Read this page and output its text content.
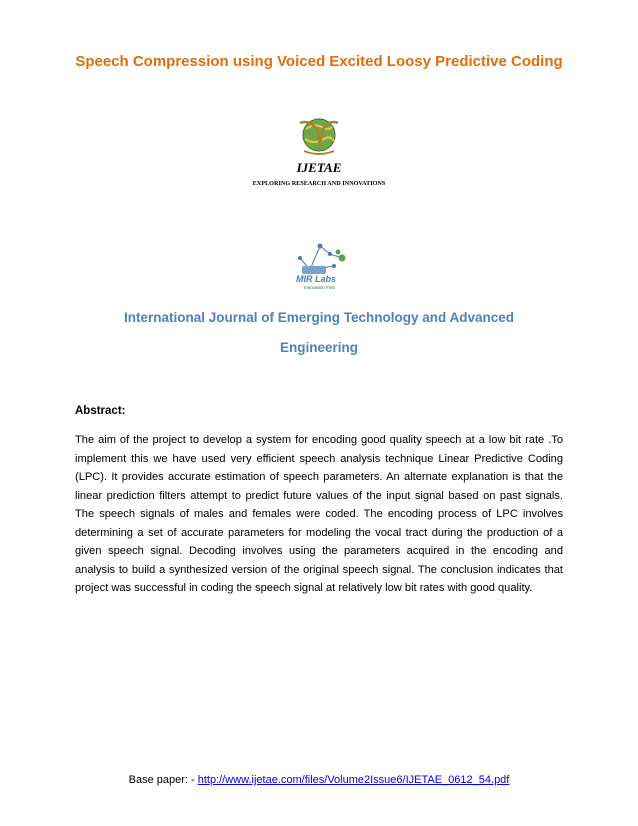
Speech Compression using Voiced Excited Loosy Predictive Coding
IJETAE
EXPLORING RESEARCH AND INNOVATIONS
MIR Labs
Innovation First
International Journal of Emerging Technology and Advanced
Engineering
Abstract:
The aim of the project to develop a system for encoding good quality speech at a low bit rate .To implement this we have used very efficient speech analysis technique Linear Predictive Coding (LPC). It provides accurate estimation of speech parameters. An alternate explanation is that the linear prediction filters attempt to predict future values of the input signal based on past signals. The speech signals of males and females were coded. The encoding process of LPC involves determining a set of accurate parameters for modeling the vocal tract during the production of a given speech signal. Decoding involves using the parameters acquired in the encoding and analysis to build a synthesized version of the original speech signal. The conclusion indicates that project was successful in coding the speech signal at relatively low bit rates with good quality.
Base paper: - http://www.ijetae.com/files/Volume2Issue6/IJETAE_0612_54.pdf
